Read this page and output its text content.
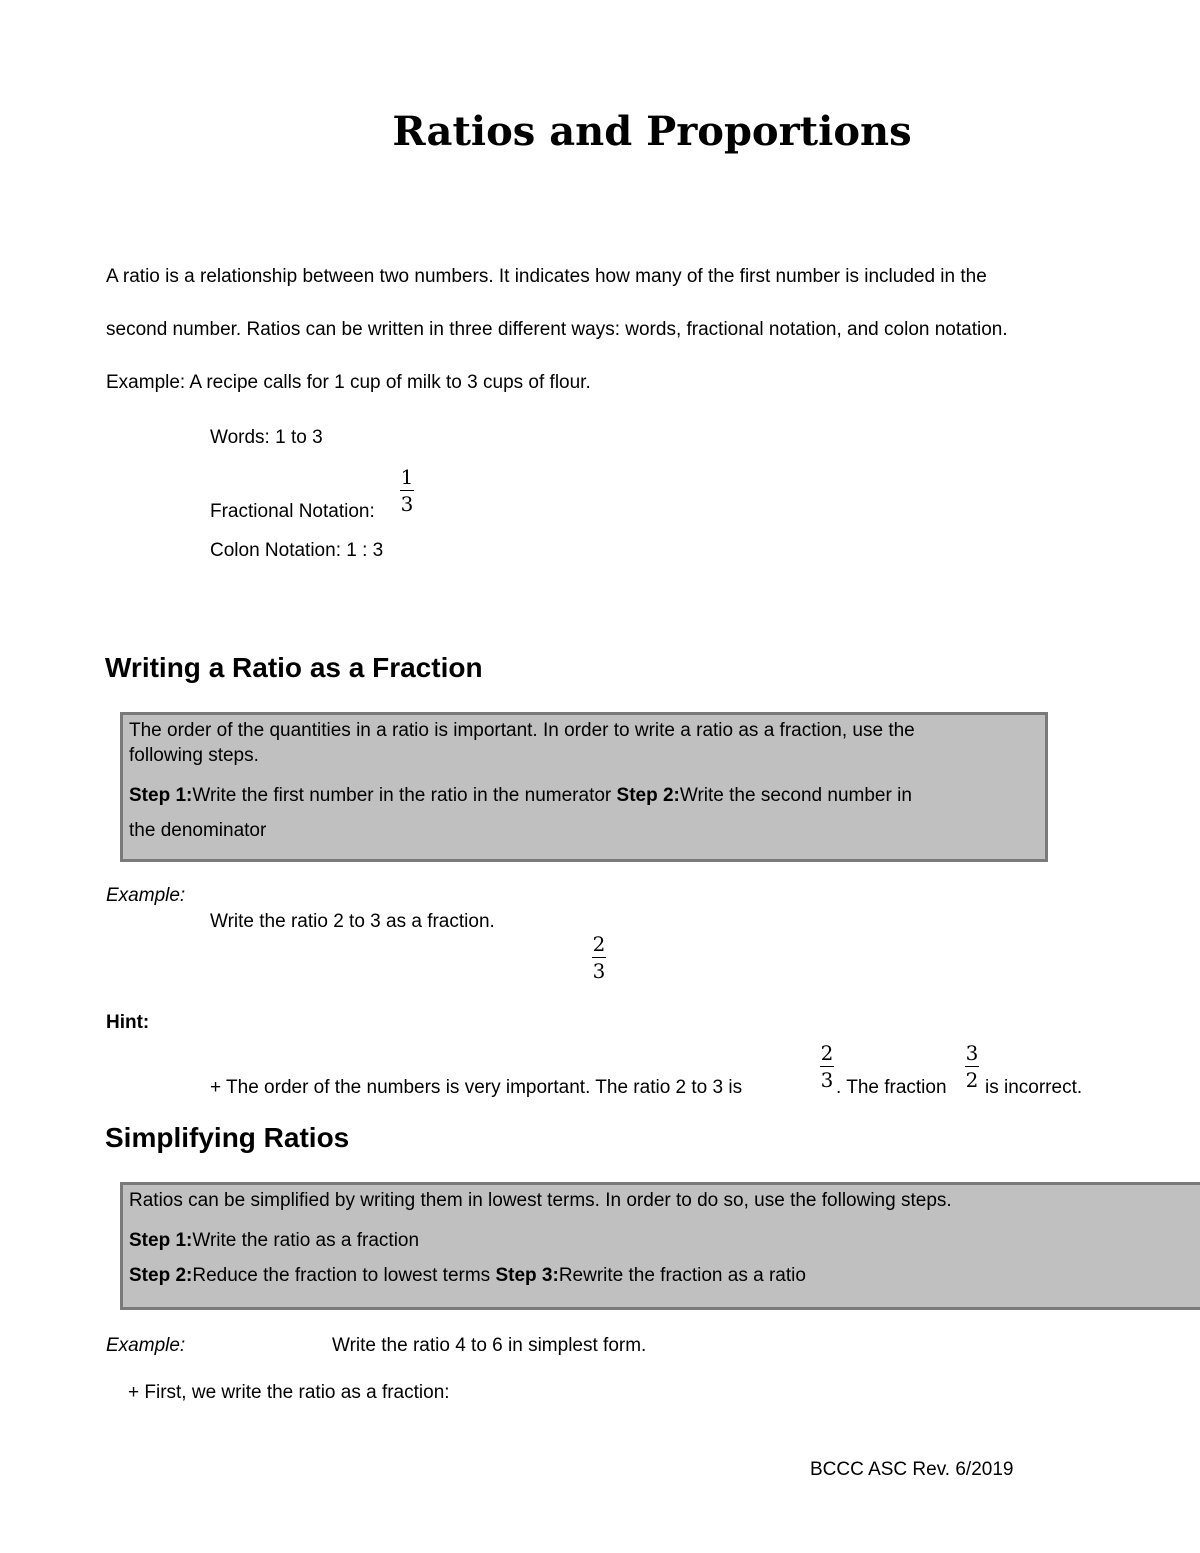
Ratios and Proportions
A ratio is a relationship between two numbers. It indicates how many of the first number is included in the
second number. Ratios can be written in three different ways: words, fractional notation, and colon notation.
Example: A recipe calls for 1 cup of milk to 3 cups of flour.
Words: 1 to 3
Fractional Notation:
1
3
Colon Notation: 1 : 3
Writing a Ratio as a Fraction

The order of the quantities in a ratio is important. In order to write a ratio as a fraction, use the

following steps.

Step 1:Write the first number in the ratio in the numerator Step 2:Write the second number in

the denominator

Example:
Write the ratio 2 to 3 as a fraction.
2
3
Hint:
+ The order of the numbers is very important. The ratio 2 to 3 is
2
3 . The fraction
3
2 is incorrect.
Simplifying Ratios

Ratios can be simplified by writing them in lowest terms. In order to do so, use the following steps.

Step 1:Write the ratio as a fraction

Step 2:Reduce the fraction to lowest terms Step 3:Rewrite the fraction as a ratio

Example:	Write the ratio 4 to 6 in simplest form.
+ First, we write the ratio as a fraction:
BCCC ASC Rev. 6/2019
